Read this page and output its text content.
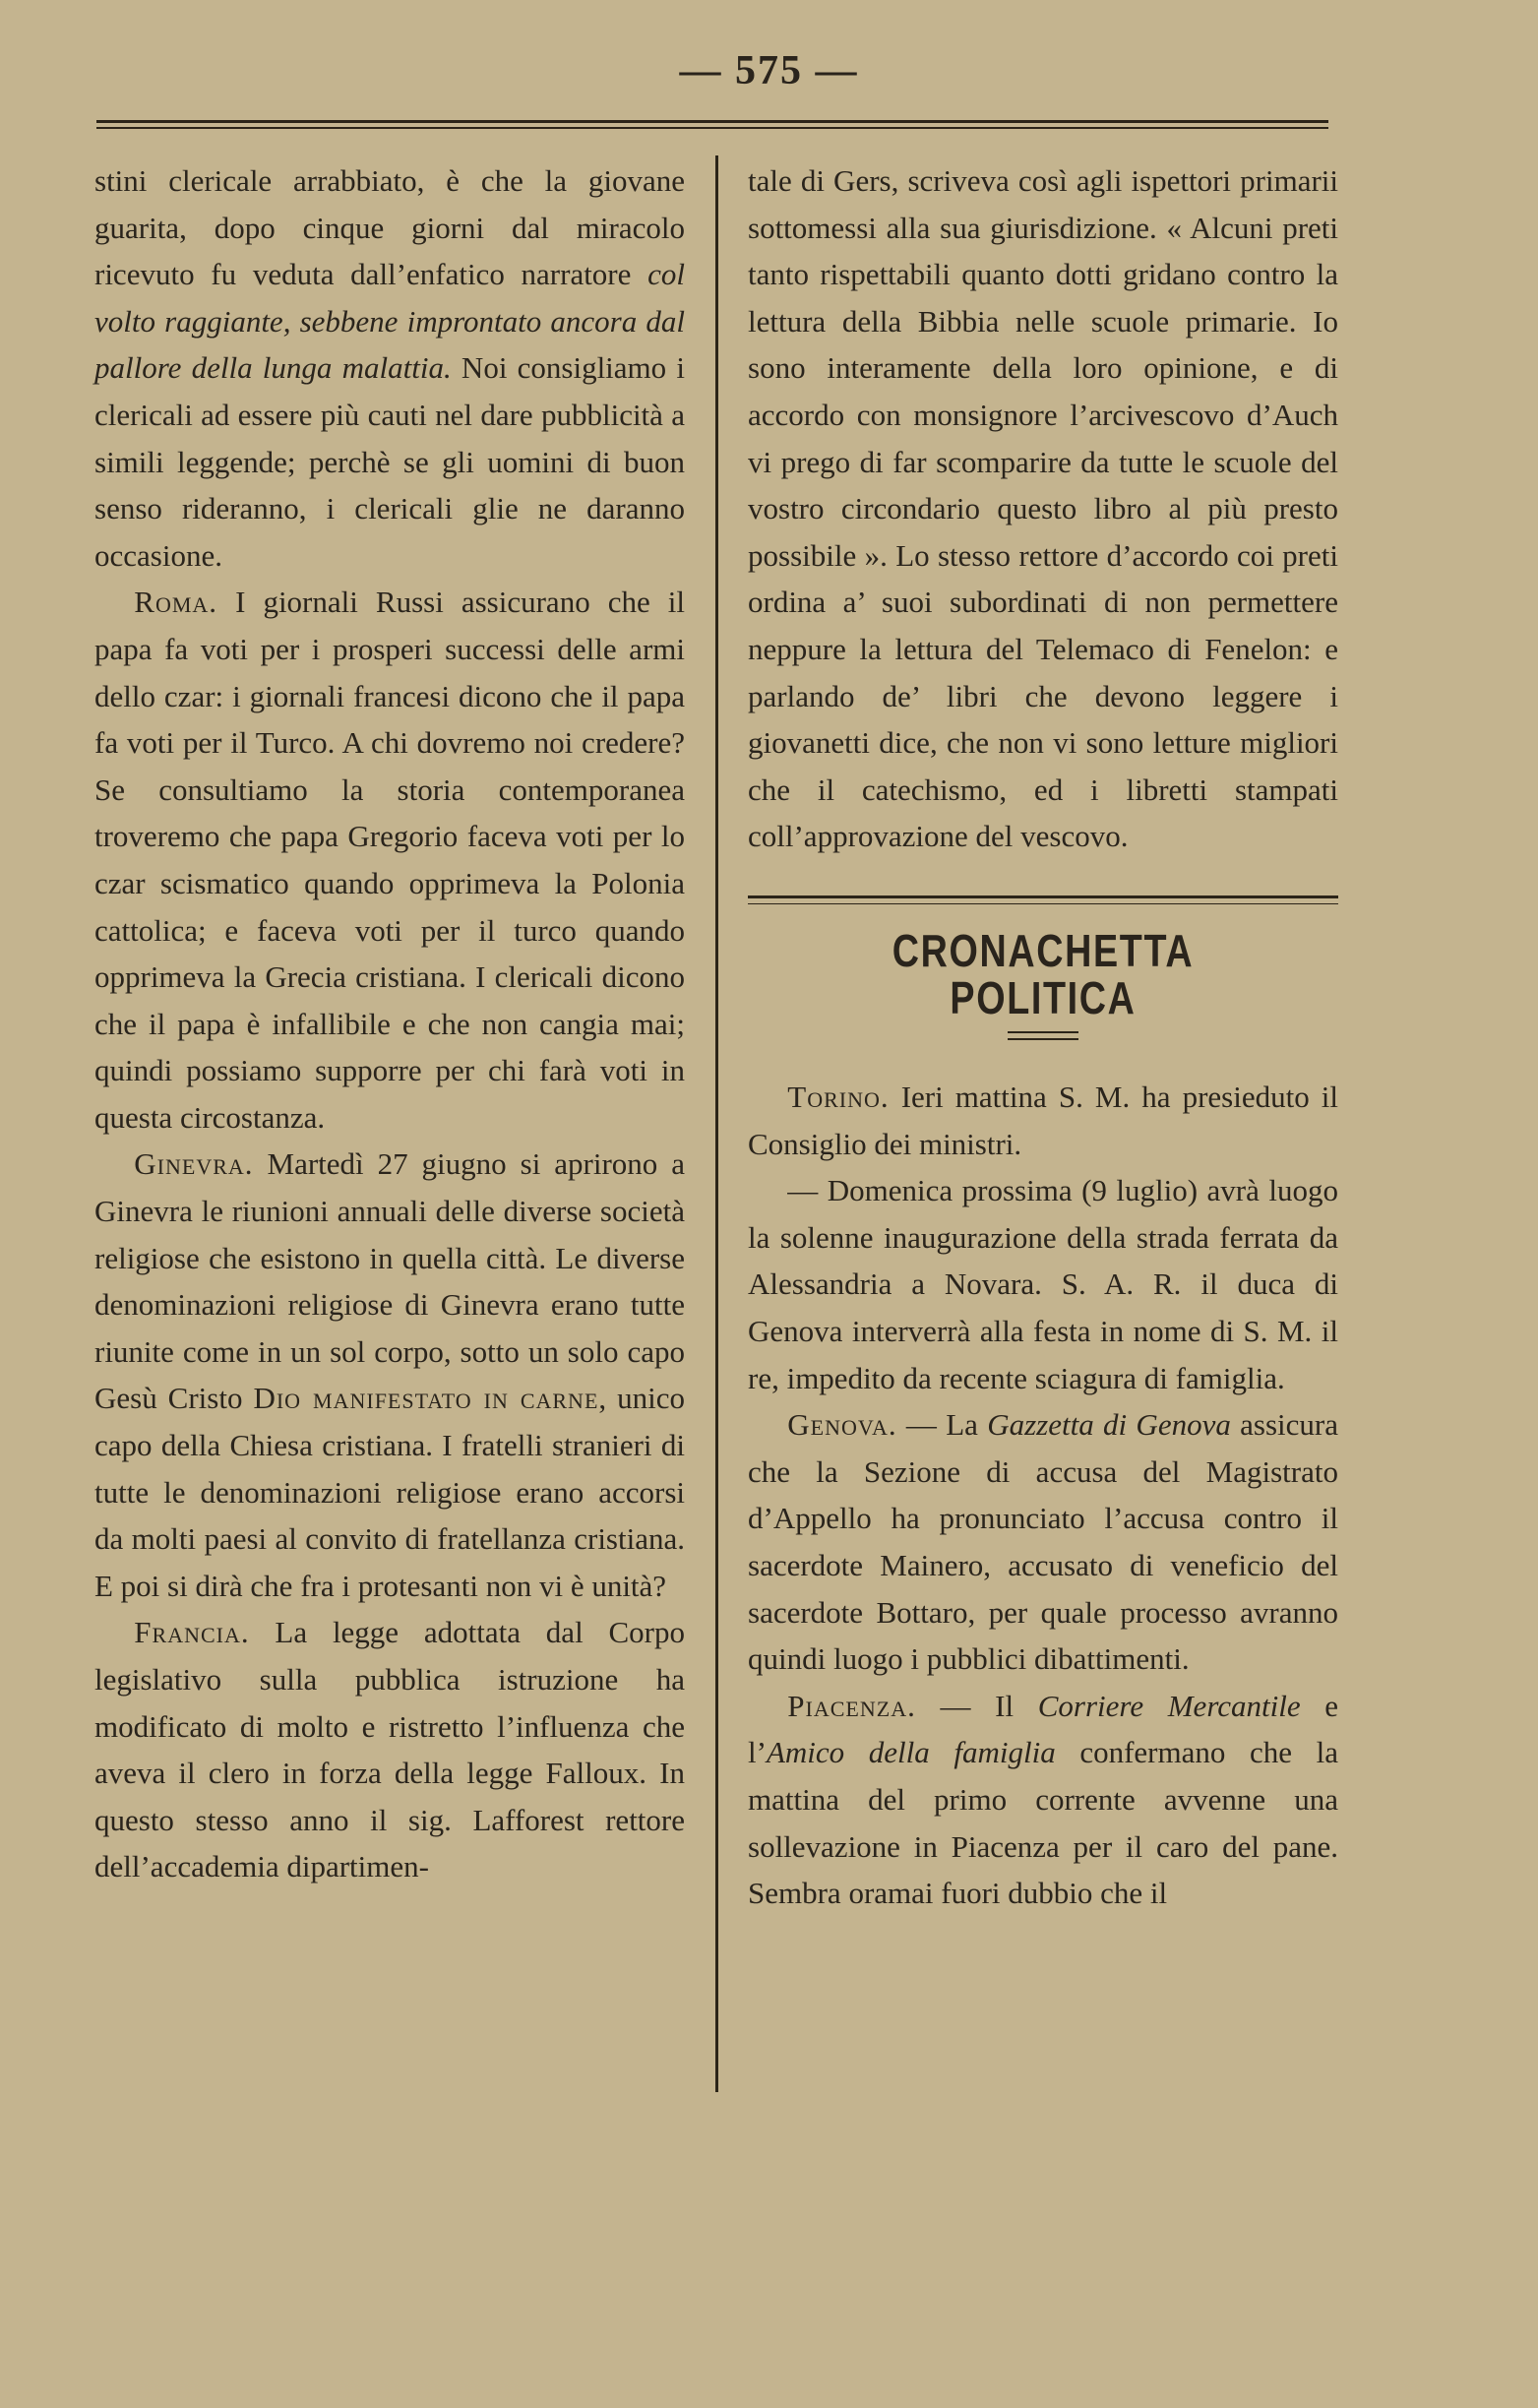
— 575 —

stini clericale arrabbiato, è che la giovane guarita, dopo cinque giorni dal miracolo ricevuto fu veduta dall’enfatico narratore col volto raggiante, sebbene improntato ancora dal pallore della lunga malattia. Noi consigliamo i clericali ad essere più cauti nel dare pubblicità a simili leggende; perchè se gli uomini di buon senso rideranno, i clericali glie ne daranno occasione.

Roma. I giornali Russi assicurano che il papa fa voti per i prosperi successi delle armi dello czar: i giornali francesi dicono che il papa fa voti per il Turco. A chi dovremo noi credere? Se consultiamo la storia contemporanea troveremo che papa Gregorio faceva voti per lo czar scismatico quando opprimeva la Polonia cattolica; e faceva voti per il turco quando opprimeva la Grecia cristiana. I clericali dicono che il papa è infallibile e che non cangia mai; quindi possiamo supporre per chi farà voti in questa circostanza.

Ginevra. Martedì 27 giugno si aprirono a Ginevra le riunioni annuali delle diverse società religiose che esistono in quella città. Le diverse denominazioni religiose di Ginevra erano tutte riunite come in un sol corpo, sotto un solo capo Gesù Cristo Dio manifestato in carne, unico capo della Chiesa cristiana. I fratelli stranieri di tutte le denominazioni religiose erano accorsi da molti paesi al convito di fratellanza cristiana. E poi si dirà che fra i protesanti non vi è unità?

Francia. La legge adottata dal Corpo legislativo sulla pubblica istruzione ha modificato di molto e ristretto l’influenza che aveva il clero in forza della legge Falloux. In questo stesso anno il sig. Lafforest rettore dell’accademia dipartimen-

tale di Gers, scriveva così agli ispettori primarii sottomessi alla sua giurisdizione. « Alcuni preti tanto rispettabili quanto dotti gridano contro la lettura della Bibbia nelle scuole primarie. Io sono interamente della loro opinione, e di accordo con monsignore l’arcivescovo d’Auch vi prego di far scomparire da tutte le scuole del vostro circondario questo libro al più presto possibile ». Lo stesso rettore d’accordo coi preti ordina a’ suoi subordinati di non permettere neppure la lettura del Telemaco di Fenelon: e parlando de’ libri che devono leggere i giovanetti dice, che non vi sono letture migliori che il catechismo, ed i libretti stampati coll’approvazione del vescovo.

CRONACHETTA POLITICA

Torino. Ieri mattina S. M. ha presieduto il Consiglio dei ministri.

— Domenica prossima (9 luglio) avrà luogo la solenne inaugurazione della strada ferrata da Alessandria a Novara. S. A. R. il duca di Genova interverrà alla festa in nome di S. M. il re, impedito da recente sciagura di famiglia.

Genova. — La Gazzetta di Genova assicura che la Sezione di accusa del Magistrato d’Appello ha pronunciato l’accusa contro il sacerdote Mainero, accusato di veneficio del sacerdote Bottaro, per quale processo avranno quindi luogo i pubblici dibattimenti.

Piacenza. — Il Corriere Mercantile e l’Amico della famiglia confermano che la mattina del primo corrente avvenne una sollevazione in Piacenza per il caro del pane. Sembra oramai fuori dubbio che il
